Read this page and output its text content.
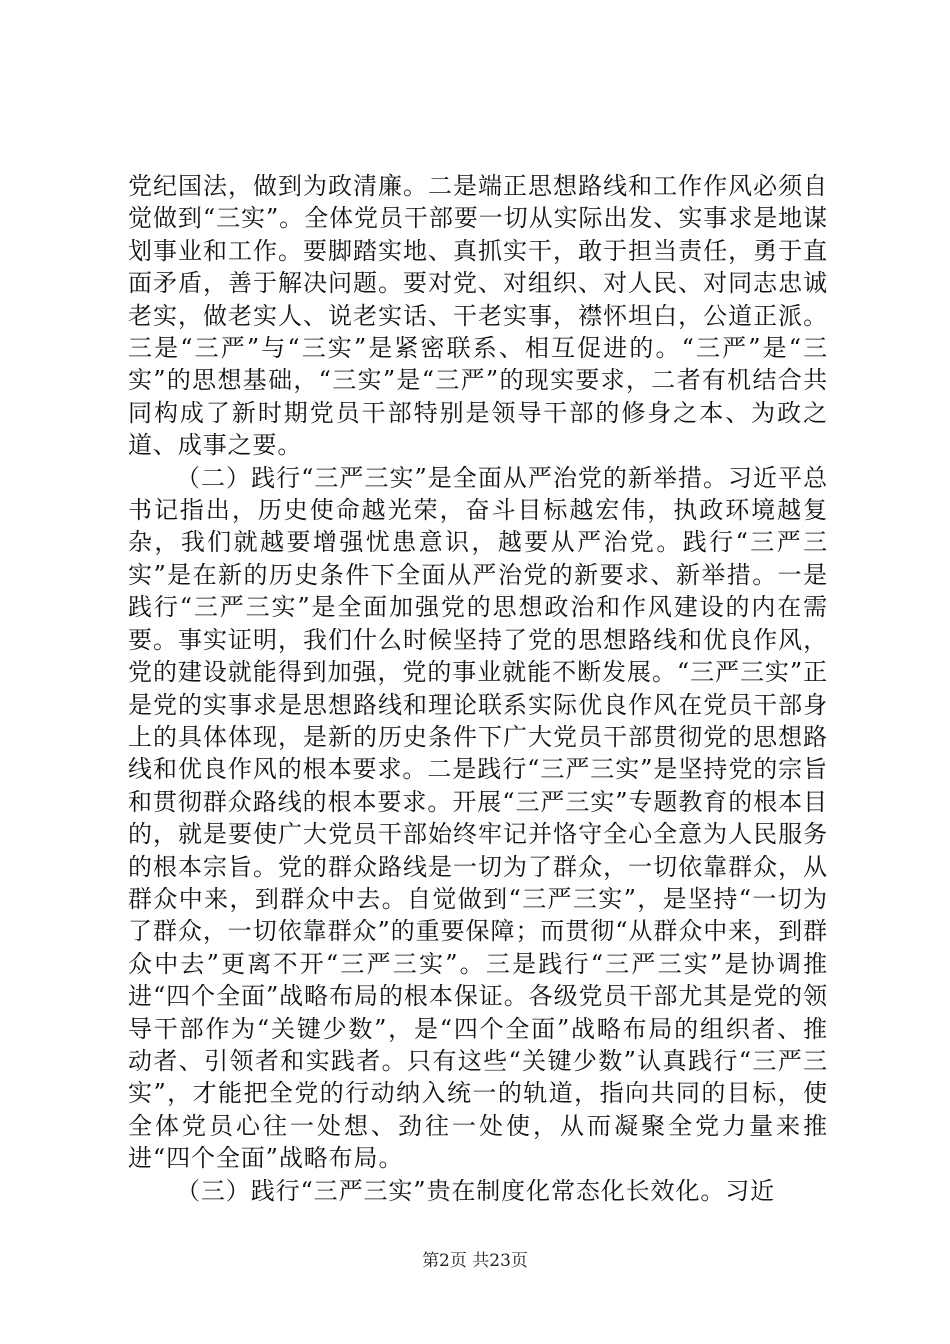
党纪国法，做到为政清廉。二是端正思想路线和工作作风必须自觉做到“三实”。全体党员干部要一切从实际出发、实事求是地谋划事业和工作。要脚踏实地、真抓实干，敢于担当责任，勇于直面矛盾，善于解决问题。要对党、对组织、对人民、对同志忠诚老实，做老实人、说老实话、干老实事，襟怀坦白，公道正派。三是“三严”与“三实”是紧密联系、相互促进的。“三严”是“三实”的思想基础，“三实”是“三严”的现实要求，二者有机结合共同构成了新时期党员干部特别是领导干部的修身之本、为政之道、成事之要。

（二）践行“三严三实”是全面从严治党的新举措。习近平总书记指出，历史使命越光荣，奋斗目标越宏伟，执政环境越复杂，我们就越要增强忧患意识，越要从严治党。践行“三严三实”是在新的历史条件下全面从严治党的新要求、新举措。一是践行“三严三实”是全面加强党的思想政治和作风建设的内在需要。事实证明，我们什么时候坚持了党的思想路线和优良作风，党的建设就能得到加强，党的事业就能不断发展。“三严三实”正是党的实事求是思想路线和理论联系实际优良作风在党员干部身上的具体体现，是新的历史条件下广大党员干部贯彻党的思想路线和优良作风的根本要求。二是践行“三严三实”是坚持党的宗旨和贯彻群众路线的根本要求。开展“三严三实”专题教育的根本目的，就是要使广大党员干部始终牢记并恪守全心全意为人民服务的根本宗旨。党的群众路线是一切为了群众，一切依靠群众，从群众中来，到群众中去。自觉做到“三严三实”，是坚持“一切为了群众，一切依靠群众”的重要保障；而贯彻“从群众中来，到群众中去”更离不开“三严三实”。三是践行“三严三实”是协调推进“四个全面”战略布局的根本保证。各级党员干部尤其是党的领导干部作为“关键少数”，是“四个全面”战略布局的组织者、推动者、引领者和实践者。只有这些“关键少数”认真践行“三严三实”，才能把全党的行动纳入统一的轨道，指向共同的目标，使全体党员心往一处想、劲往一处使，从而凝聚全党力量来推进“四个全面”战略布局。

（三）践行“三严三实”贵在制度化常态化长效化。习近

第2页 共23页
